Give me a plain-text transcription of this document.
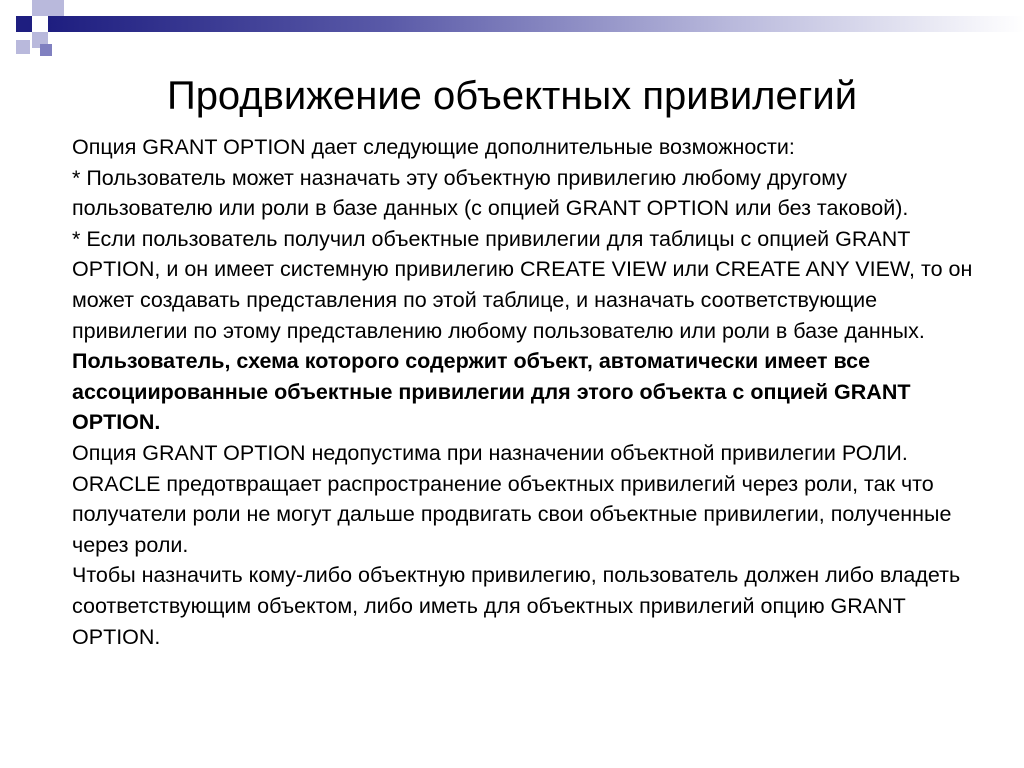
Продвижение объектных привилегий

Опция GRANT OPTION дает следующие дополнительные возможности:

* Пользователь может назначать эту объектную привилегию любому другому пользователю или роли в базе данных (с опцией GRANT OPTION или без таковой).

* Если пользователь получил объектные привилегии для таблицы с опцией GRANT OPTION, и он имеет системную привилегию CREATE VIEW или CREATE ANY VIEW, то он может создавать представления по этой таблице, и назначать соответствующие привилегии по этому представлению любому пользователю или роли в базе данных.

Пользователь, схема которого содержит объект, автоматически имеет все ассоциированные объектные привилегии для этого объекта с опцией GRANT OPTION.

Опция GRANT OPTION недопустима при назначении объектной привилегии РОЛИ. ORACLE предотвращает распространение объектных привилегий через роли, так что получатели роли не могут дальше продвигать свои объектные привилегии, полученные через роли.

Чтобы назначить кому-либо объектную привилегию, пользователь должен либо владеть соответствующим объектом, либо иметь для объектных привилегий опцию GRANT OPTION.
